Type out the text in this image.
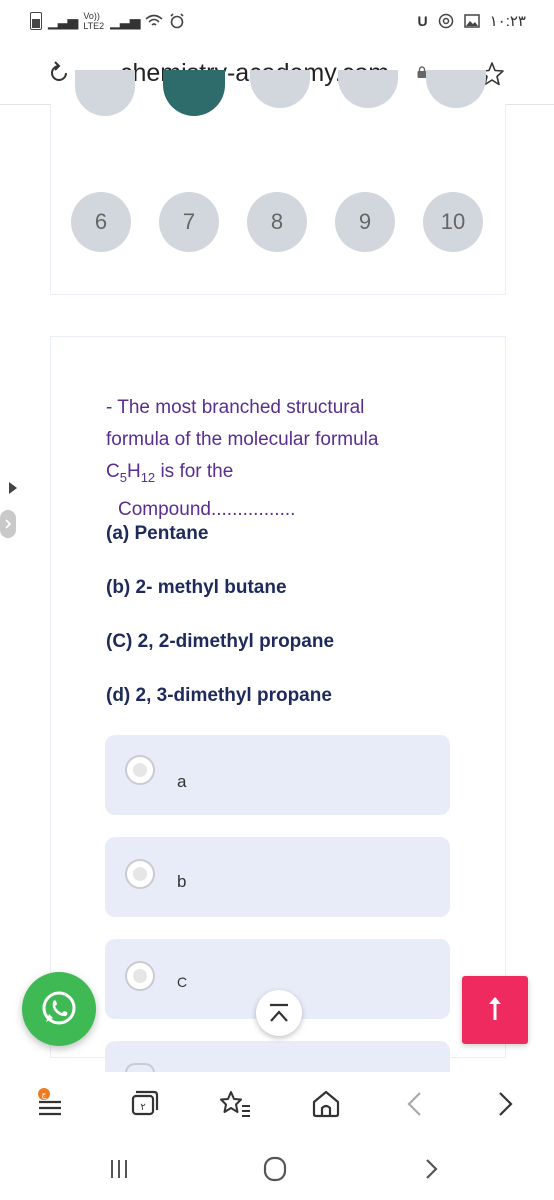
▁▃▅ Vo))
LTE2 ▁▃▅	U	١٠:٢٣
6	7	8	9	10
- The most branched structural
formula of the molecular formula
$C_5H_{12}$ is for the
Compound................
(a) Pentane
(b) 2- methyl butane
(C) 2, 2-dimethyl propane
(d) 2, 3-dimethyl propane
a
b
C
ج
٢
